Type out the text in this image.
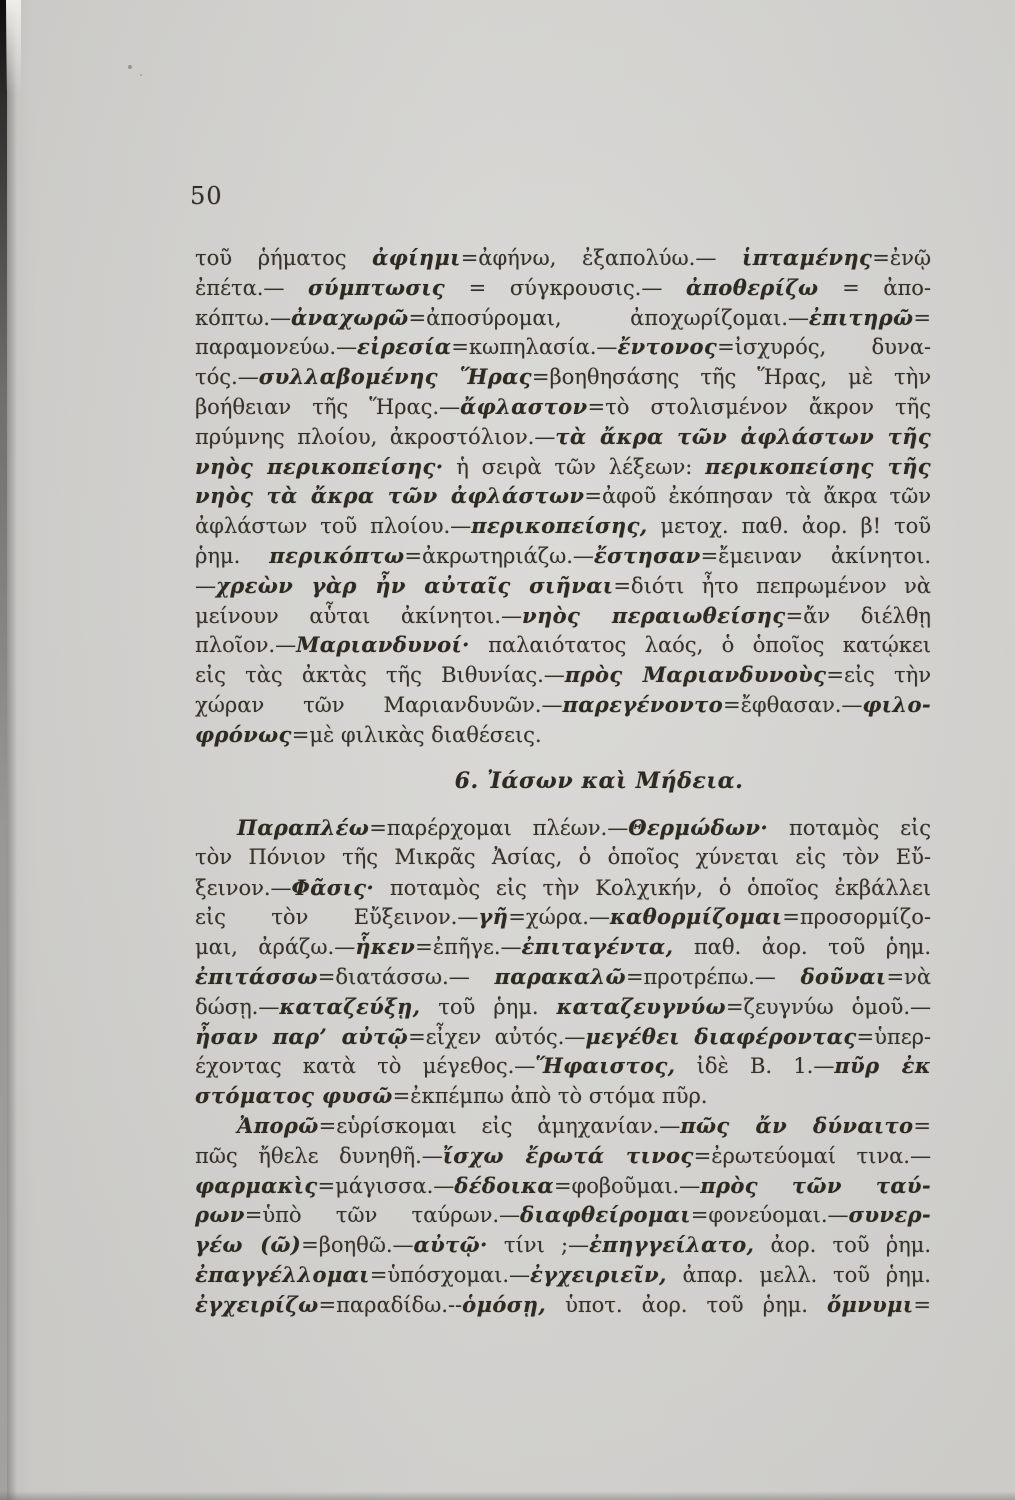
50
τοῦ ῥήματος ἀφίημι=ἀφήνω, ἐξαπολύω.— ἱπταμένης=ἐνῷ
ἐπέτα.— σύμπτωσις = σύγκρουσις.— ἀποθερίζω = ἀπο-
κόπτω.—ἀναχωρῶ=ἀποσύρομαι, ἀποχωρίζομαι.—ἐπιτηρῶ=
παραμονεύω.—εἰρεσία=κωπηλασία.—ἔντονος=ἰσχυρός, δυνα-
τός.—συλλαβομένης Ἥρας=βοηθησάσης τῆς Ἥρας, μὲ τὴν
βοήθειαν τῆς Ἥρας.—ἄφλαστον=τὸ στολισμένον ἄκρον τῆς
πρύμνης πλοίου, ἀκροστόλιον.—τὰ ἄκρα τῶν ἀφλάστων τῆς
νηὸς περικοπείσης· ἡ σειρὰ τῶν λέξεων: περικοπείσης τῆς
νηὸς τὰ ἄκρα τῶν ἀφλάστων=ἀφοῦ ἐκόπησαν τὰ ἄκρα τῶν
ἀφλάστων τοῦ πλοίου.—περικοπείσης, μετοχ. παθ. ἀορ. β! τοῦ
ῥημ. περικόπτω=ἀκρωτηριάζω.—ἔστησαν=ἔμειναν ἀκίνητοι.
—χρεὼν γὰρ ἦν αὐταῖς σιῆναι=διότι ἦτο πεπρωμένον νὰ
μείνουν αὗται ἀκίνητοι.—νηὸς περαιωθείσης=ἄν διέλθῃ
πλοῖον.—Μαριανδυνοί· παλαιότατος λαός, ὁ ὁποῖος κατῴκει
εἰς τὰς ἀκτὰς τῆς Βιθυνίας.—πρὸς Μαριανδυνοὺς=εἰς τὴν
χώραν τῶν Μαριανδυνῶν.—παρεγένοντο=ἔφθασαν.—φιλο-
φρόνως=μὲ φιλικὰς διαθέσεις.
6. Ἰάσων καὶ Μήδεια.
Παραπλέω=παρέρχομαι πλέων.—Θερμώδων· ποταμὸς εἰς
τὸν Πόνιον τῆς Μικρᾶς Ἀσίας, ὁ ὁποῖος χύνεται εἰς τὸν Εὔ-
ξεινον.—Φᾶσις· ποταμὸς εἰς τὴν Κολχικήν, ὁ ὁποῖος ἐκβάλλει
εἰς τὸν Εὔξεινον.—γῆ=χώρα.—καθορμίζομαι=προσορμίζο-
μαι, ἀράζω.—ἧκεν=ἐπῆγε.—ἐπιταγέντα, παθ. ἀορ. τοῦ ῥημ.
ἐπιτάσσω=διατάσσω.— παρακαλῶ=προτρέπω.— δοῦναι=νὰ
δώσῃ.—καταζεύξῃ, τοῦ ῥημ. καταζευγνύω=ζευγνύω ὁμοῦ.—
ἦσαν παρ’ αὐτῷ=εἶχεν αὐτός.—μεγέθει διαφέροντας=ὑπερ-
έχοντας κατὰ τὸ μέγεθος.—Ἥφαιστος, ἰδὲ Β. 1.—πῦρ ἐκ
στόματος φυσῶ=ἐκπέμπω ἀπὸ τὸ στόμα πῦρ.
Ἀπορῶ=εὑρίσκομαι εἰς ἀμηχανίαν.—πῶς ἄν δύναιτο=
πῶς ἤθελε δυνηθῆ.—ἴσχω ἔρωτά τινος=ἐρωτεύομαί τινα.—
φαρμακὶς=μάγισσα.—δέδοικα=φοβοῦμαι.—πρὸς τῶν ταύ-
ρων=ὑπὸ τῶν ταύρων.—διαφθείρομαι=φονεύομαι.—συνερ-
γέω (ῶ)=βοηθῶ.—αὐτῷ· τίνι ;—ἐπηγγείλατο, ἀορ. τοῦ ῥημ.
ἐπαγγέλλομαι=ὑπόσχομαι.—ἐγχειριεῖν, ἀπαρ. μελλ. τοῦ ῥημ.
ἐγχειρίζω=παραδίδω.--ὁμόσῃ, ὑποτ. ἀορ. τοῦ ῥημ. ὄμνυμι=
